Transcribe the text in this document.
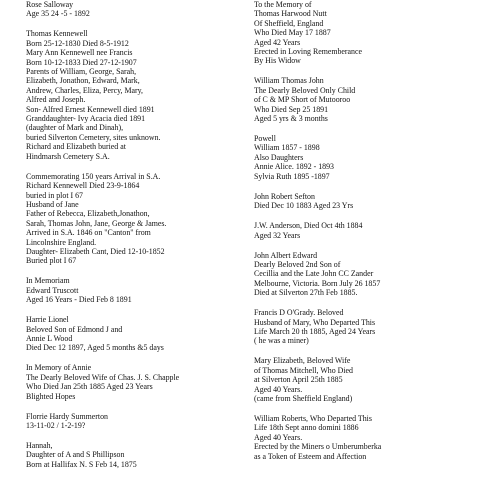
Rose Salloway
Age 35 24 -5 - 1892
Thomas Kennewell
Born 25-12-1830 Died 8-5-1912
Mary Ann Kennewell nee Francis
Born 10-12-1833 Died 27-12-1907
Parents of William, George, Sarah,
Elizabeth, Jonathon, Edward, Mark,
Andrew, Charles, Eliza, Percy, Mary,
Alfred and Joseph.
Son- Alfred Ernest Kennewell died 1891
Granddaughter- Ivy Acacia died 1891
(daughter of Mark and Dinah),
buried Silverton Cemetery, sites unknown.
Richard and Elizabeth buried at
Hindmarsh Cemetery S.A.
Commemorating 150 years Arrival in S.A.
Richard Kennewell Died 23-9-1864
buried in plot I 67
Husband of Jane
Father of Rebecca, Elizabeth,Jonathon,
Sarah, Thomas John, Jane, George & James.
Arrived in S.A. 1846 on "Canton" from
Lincolnshire England.
Daughter- Elizabeth Cant, Died 12-10-1852
Buried plot I 67
In Memoriam
Edward Truscott
Aged 16 Years - Died Feb 8 1891
Harrie Lionel
Beloved Son of Edmond J and
Annie L Wood
Died Dec 12 1897, Aged 5 months &5 days
In Memory of Annie
The Dearly Beloved Wife of Chas. J. S. Chapple
Who Died Jan 25th 1885 Aged 23 Years
Blighted Hopes
Florrie Hardy Summerton
13-11-02 / 1-2-19?
Hannah,
Daughter of A and S Phillipson
Born at Hallifax N. S Feb 14, 1875
To the Memory of
Thomas Harwood Nutt
Of Sheffield, England
Who Died May 17 1887
Aged 42 Years
Erected in Loving Rememberance
By His Widow
William Thomas John
The Dearly Beloved Only Child
of C & MP Short of Mutooroo
Who Died Sep 25 1891
Aged 5 yrs & 3 months
Powell
William 1857 - 1898
Also Daughters
Annie Alice. 1892 - 1893
Sylvia Ruth 1895 -1897
John Robert Sefton
Died Dec 10 1883 Aged 23 Yrs
J.W. Anderson, Died Oct 4th 1884
Aged 32 Years
John Albert Edward
Dearly Beloved 2nd Son of
Cecillia and the Late John CC Zander
Melbourne, Victoria. Born July 26 1857
Died at Silverton 27th Feb 1885.
Francis D O'Grady. Beloved
Husband of Mary, Who Departed This
Life March 20 th 1885, Aged 24 Years
( he was a miner)
Mary Elizabeth, Beloved Wife
of Thomas Mitchell, Who Died
at Silverton April 25th 1885
Aged 40 Years.
(came from Sheffield England)
William Roberts, Who Departed This
Life 18th Sept anno domini 1886
Aged 40 Years.
Erected by the Miners o Umberumberka
as a Token of Esteem and Affection
